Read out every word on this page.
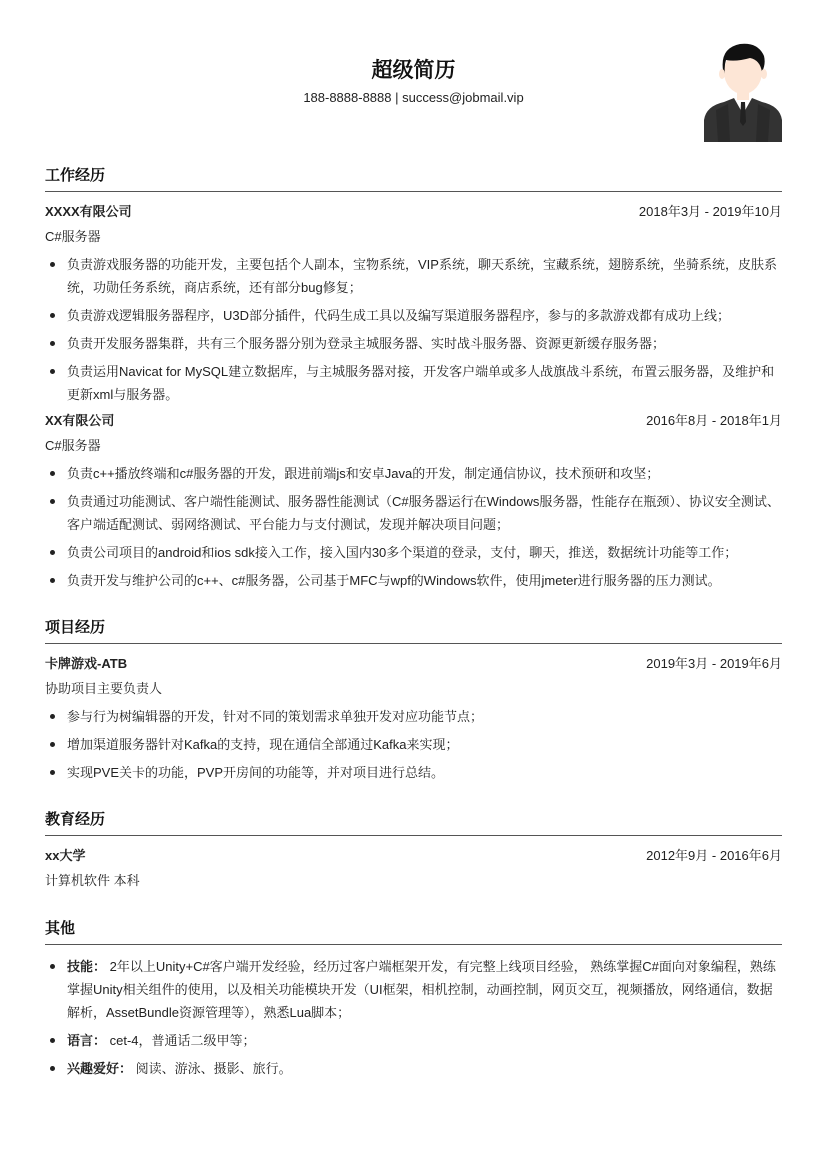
超级简历
188-8888-8888 | success@jobmail.vip
工作经历
XXXX有限公司	2018年3月 - 2019年10月
C#服务器
负责游戏服务器的功能开发，主要包括个人副本，宝物系统，VIP系统，聊天系统，宝藏系统，翅膀系统，坐骑系统，皮肤系统，功勋任务系统，商店系统，还有部分bug修复；
负责游戏逻辑服务器程序，U3D部分插件，代码生成工具以及编写渠道服务器程序，参与的多款游戏都有成功上线；
负责开发服务器集群，共有三个服务器分别为登录主城服务器、实时战斗服务器、资源更新缓存服务器；
负责运用Navicat for MySQL建立数据库，与主城服务器对接，开发客户端单或多人战旗战斗系统，布置云服务器，及维护和更新xml与服务器。
XX有限公司	2016年8月 - 2018年1月
C#服务器
负责c++播放终端和c#服务器的开发，跟进前端js和安卓Java的开发，制定通信协议，技术预研和攻坚；
负责通过功能测试、客户端性能测试、服务器性能测试（C#服务器运行在Windows服务器，性能存在瓶颈）、协议安全测试、客户端适配测试、弱网络测试、平台能力与支付测试，发现并解决项目问题；
负责公司项目的android和ios sdk接入工作，接入国内30多个渠道的登录，支付，聊天，推送，数据统计功能等工作；
负责开发与维护公司的c++、c#服务器，公司基于MFC与wpf的Windows软件，使用jmeter进行服务器的压力测试。
项目经历
卡牌游戏-ATB	2019年3月 - 2019年6月
协助项目主要负责人
参与行为树编辑器的开发，针对不同的策划需求单独开发对应功能节点；
增加渠道服务器针对Kafka的支持，现在通信全部通过Kafka来实现；
实现PVE关卡的功能，PVP开房间的功能等，并对项目进行总结。
教育经历
xx大学	2012年9月 - 2016年6月
计算机软件 本科
其他
技能： 2年以上Unity+C#客户端开发经验，经历过客户端框架开发，有完整上线项目经验， 熟练掌握C#面向对象编程，熟练掌握Unity相关组件的使用，以及相关功能模块开发（UI框架，相机控制，动画控制，网页交互，视频播放，网络通信，数据解析，AssetBundle资源管理等），熟悉Lua脚本；
语言： cet-4，普通话二级甲等；
兴趣爱好： 阅读、游泳、摄影、旅行。
